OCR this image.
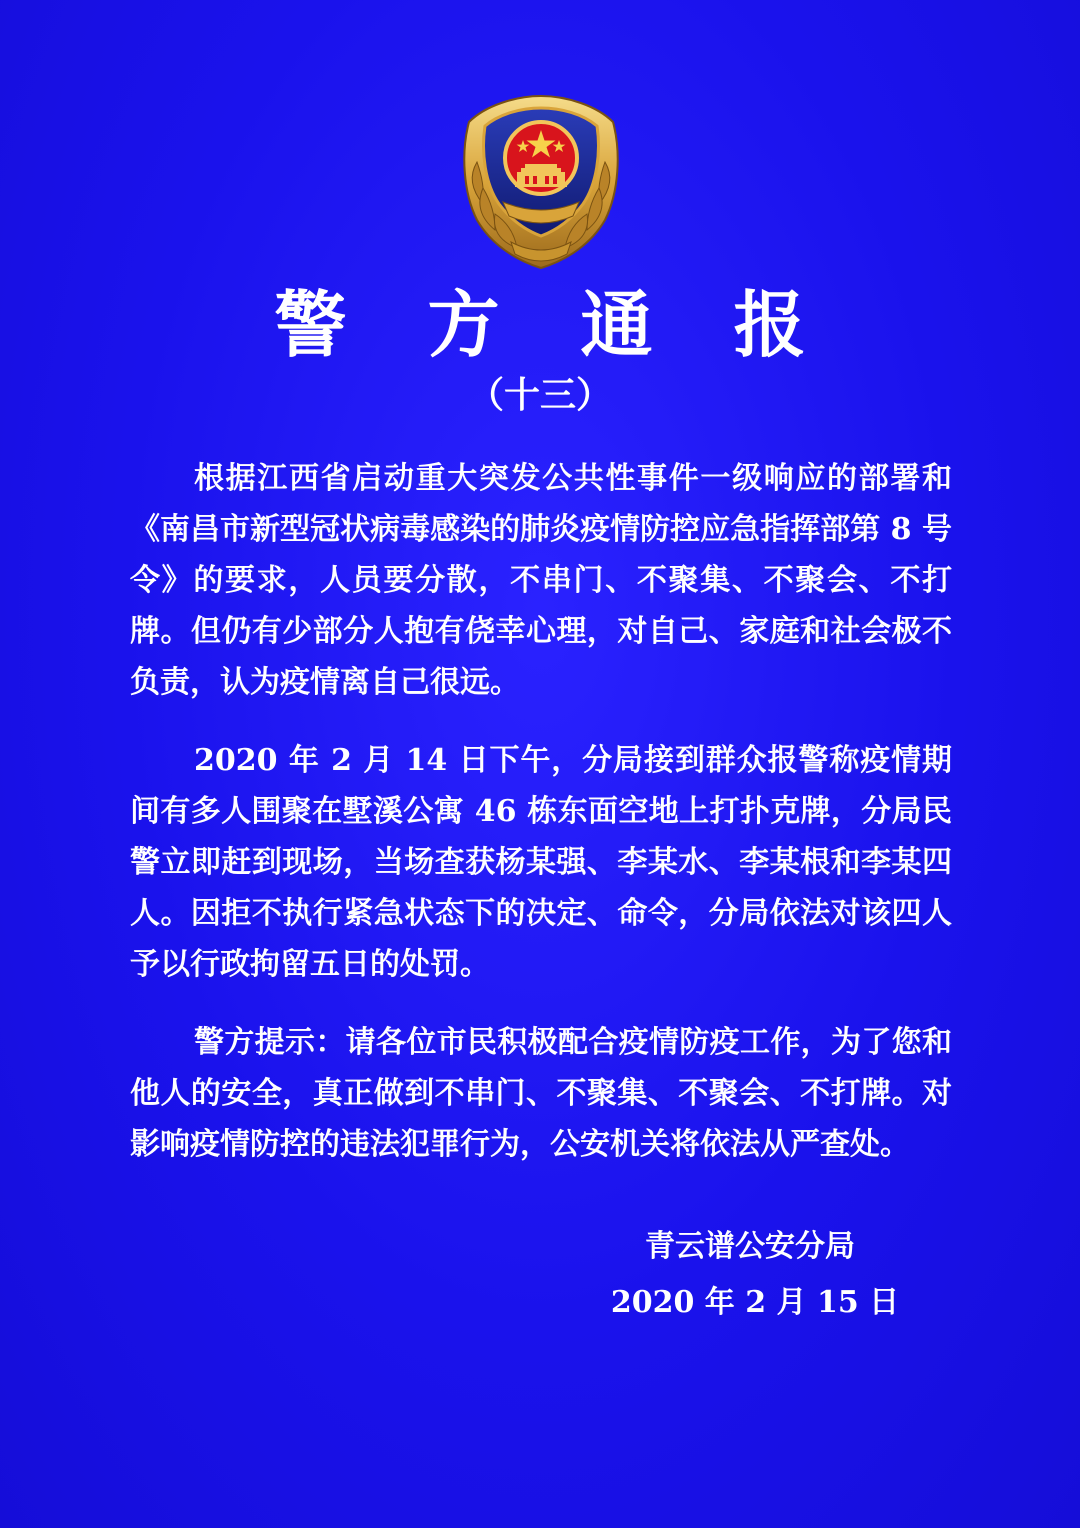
警 方 通 报
（十三）
根据江西省启动重大突发公共性事件一级响应的部署和《南昌市新型冠状病毒感染的肺炎疫情防控应急指挥部第 8 号令》的要求，人员要分散，不串门、不聚集、不聚会、不打牌。但仍有少部分人抱有侥幸心理，对自己、家庭和社会极不负责，认为疫情离自己很远。
2020 年 2 月 14 日下午，分局接到群众报警称疫情期间有多人围聚在墅溪公寓 46 栋东面空地上打扑克牌，分局民警立即赶到现场，当场查获杨某强、李某水、李某根和李某四人。因拒不执行紧急状态下的决定、命令，分局依法对该四人予以行政拘留五日的处罚。
警方提示：请各位市民积极配合疫情防疫工作，为了您和他人的安全，真正做到不串门、不聚集、不聚会、不打牌。对影响疫情防控的违法犯罪行为，公安机关将依法从严查处。
青云谱公安分局
2020 年 2 月 15 日
